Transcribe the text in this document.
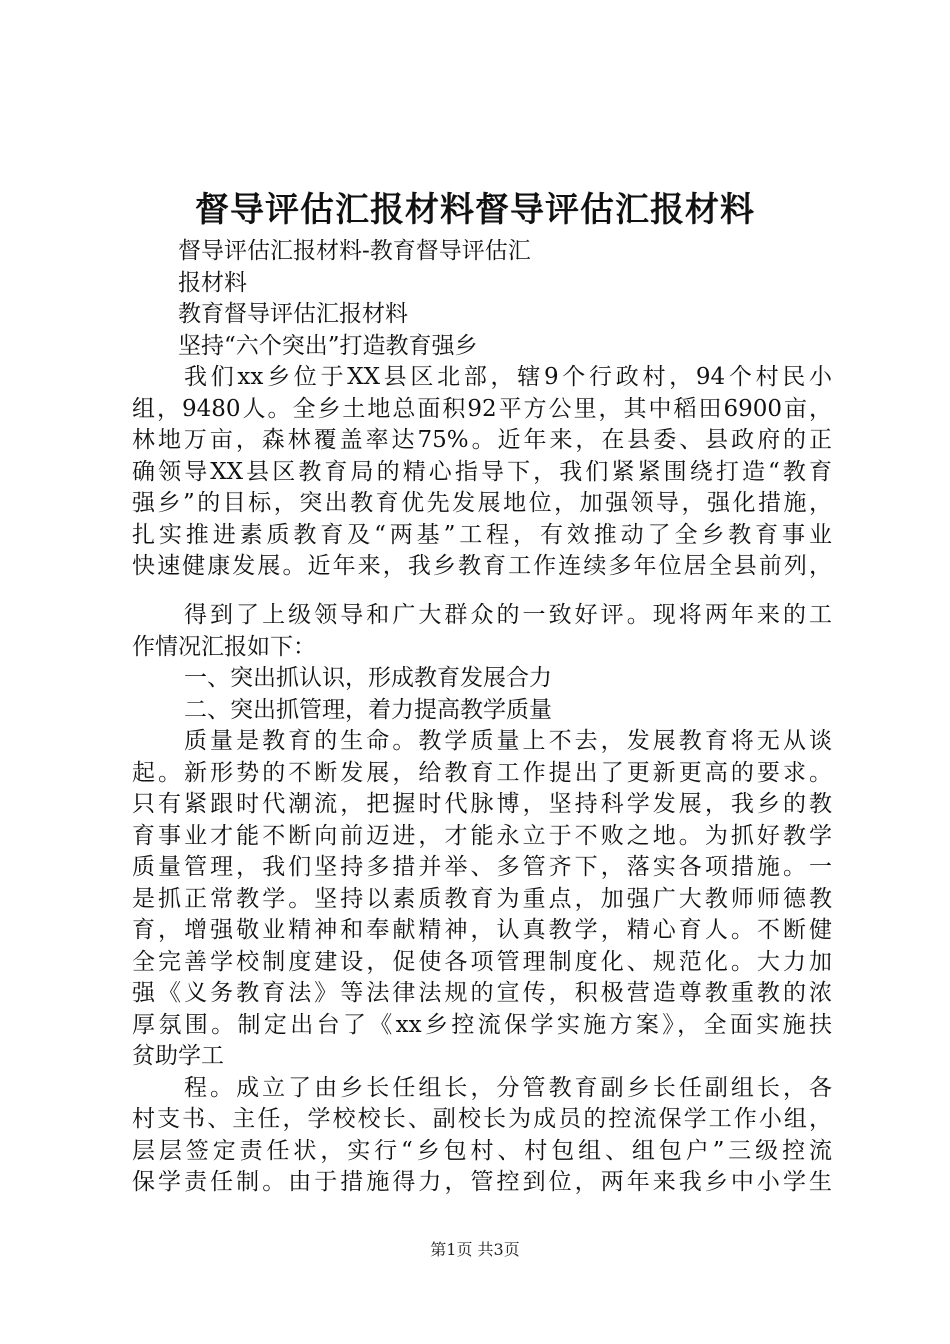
督导评估汇报材料督导评估汇报材料
督导评估汇报材料-教育督导评估汇
报材料
教育督导评估汇报材料
坚持“六个突出”打造教育强乡
我们xx乡位于XX县区北部，辖9个行政村，94个村民小
组，9480人。全乡土地总面积92平方公里，其中稻田6900亩，
林地万亩，森林覆盖率达75%。近年来，在县委、县政府的正
确领导XX县区教育局的精心指导下，我们紧紧围绕打造“教育
强乡”的目标，突出教育优先发展地位，加强领导，强化措施，
扎实推进素质教育及“两基”工程，有效推动了全乡教育事业
快速健康发展。近年来，我乡教育工作连续多年位居全县前列，
得到了上级领导和广大群众的一致好评。现将两年来的工
作情况汇报如下：
一、突出抓认识，形成教育发展合力
二、突出抓管理，着力提高教学质量
质量是教育的生命。教学质量上不去，发展教育将无从谈
起。新形势的不断发展，给教育工作提出了更新更高的要求。
只有紧跟时代潮流，把握时代脉博，坚持科学发展，我乡的教
育事业才能不断向前迈进，才能永立于不败之地。为抓好教学
质量管理，我们坚持多措并举、多管齐下，落实各项措施。一
是抓正常教学。坚持以素质教育为重点，加强广大教师师德教
育，增强敬业精神和奉献精神，认真教学，精心育人。不断健
全完善学校制度建设，促使各项管理制度化、规范化。大力加
强《义务教育法》等法律法规的宣传，积极营造尊教重教的浓
厚氛围。制定出台了《xx乡控流保学实施方案》，全面实施扶
贫助学工
程。成立了由乡长任组长，分管教育副乡长任副组长，各
村支书、主任，学校校长、副校长为成员的控流保学工作小组，
层层签定责任状，实行“乡包村、村包组、组包户”三级控流
保学责任制。由于措施得力，管控到位，两年来我乡中小学生
第1页 共3页
